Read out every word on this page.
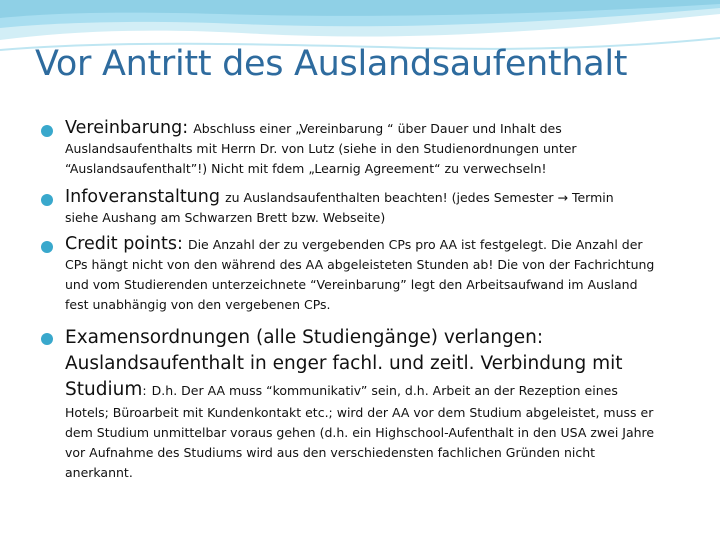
Vor Antritt des Auslandsaufenthalt
Vereinbarung: Abschluss einer „Vereinbarung “ über Dauer und Inhalt des
Auslandsaufenthalts mit Herrn Dr. von Lutz (siehe in den Studienordnungen unter
“Auslandsaufenthalt”!) Nicht mit fdem „Learnig Agreement“ zu verwechseln!
Infoveranstaltung zu Auslandsaufenthalten beachten! (jedes Semester → Termin
siehe Aushang am Schwarzen Brett bzw. Webseite)
Credit points: Die Anzahl der zu vergebenden CPs pro AA ist festgelegt. Die Anzahl der
CPs hängt nicht von den während des AA abgeleisteten Stunden ab! Die von der Fachrichtung
und vom Studierenden unterzeichnete “Vereinbarung” legt den Arbeitsaufwand im Ausland
fest unabhängig von den vergebenen CPs.
Examensordnungen (alle Studiengänge) verlangen:
Auslandsaufenthalt in enger fachl. und zeitl. Verbindung mit
Studium: D.h. Der AA muss “kommunikativ” sein, d.h. Arbeit an der Rezeption eines
Hotels; Büroarbeit mit Kundenkontakt etc.; wird der AA vor dem Studium abgeleistet, muss er
dem Studium unmittelbar voraus gehen (d.h. ein Highschool-Aufenthalt in den USA zwei Jahre
vor Aufnahme des Studiums wird aus den verschiedensten fachlichen Gründen nicht
anerkannt.
